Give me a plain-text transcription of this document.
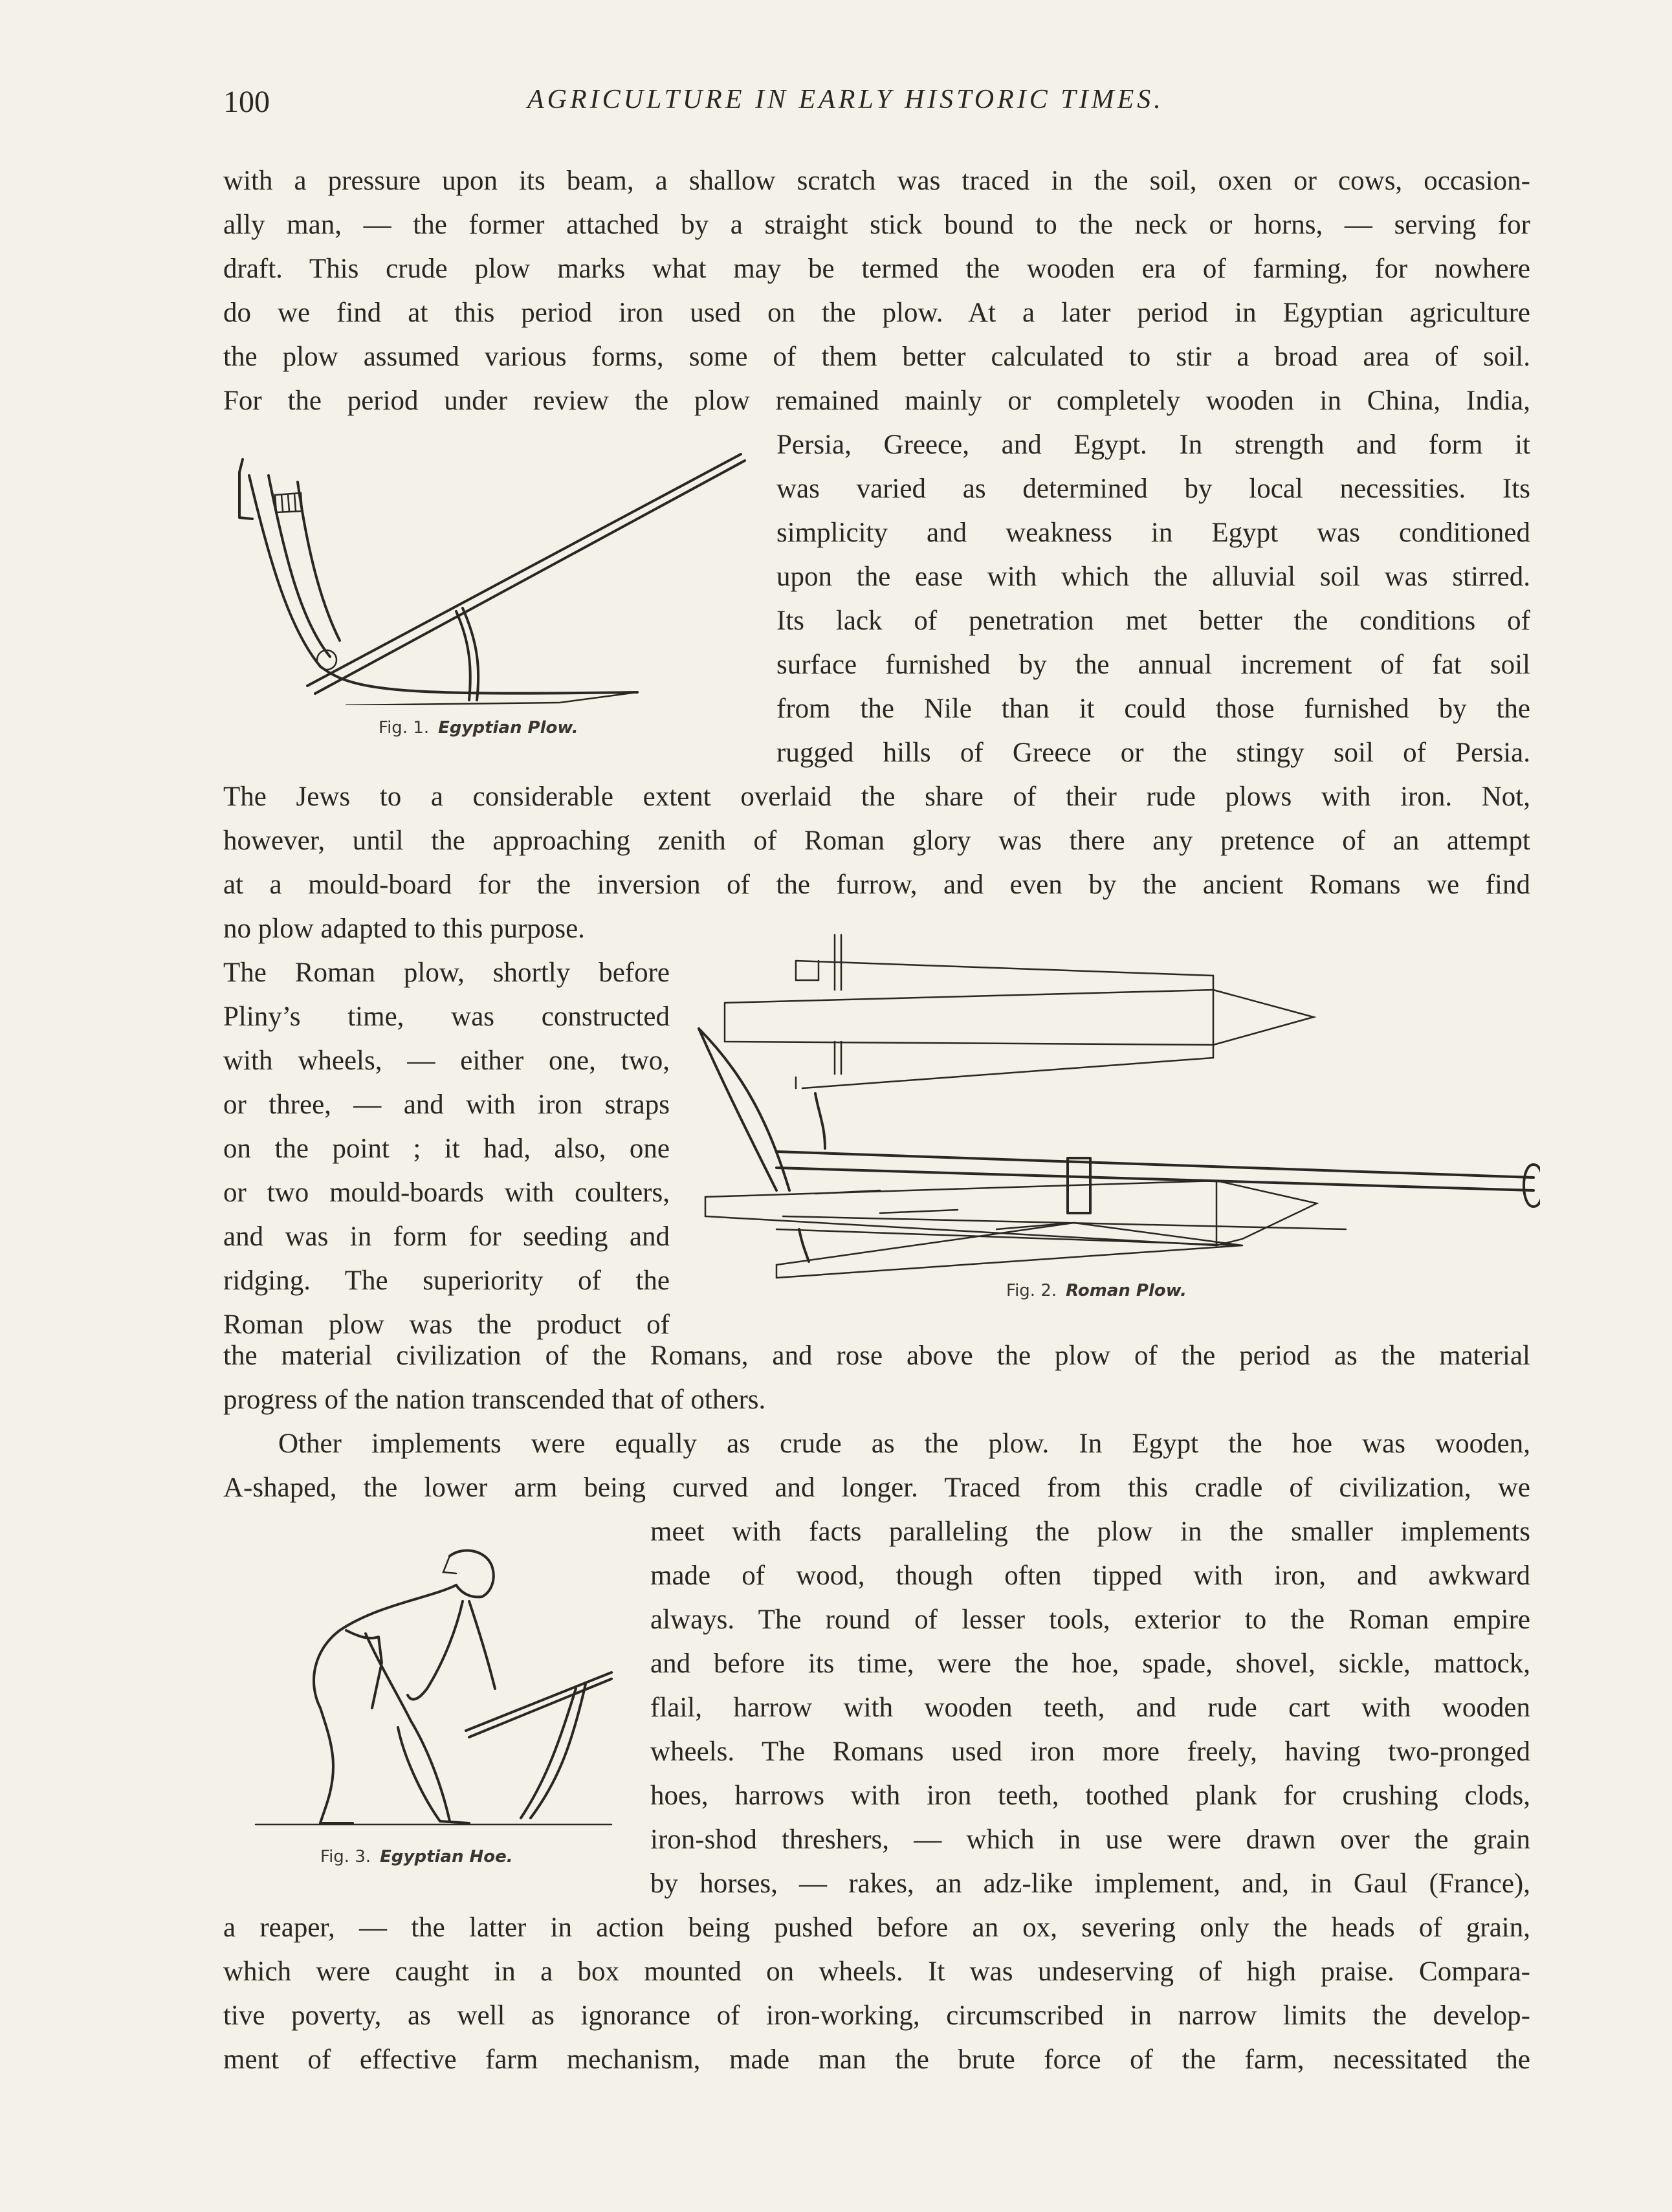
100	AGRICULTURE IN EARLY HISTORIC TIMES.
with a pressure upon its beam, a shallow scratch was traced in the soil, oxen or cows, occasion-
ally man, — the former attached by a straight stick bound to the neck or horns, — serving for
draft. This crude plow marks what may be termed the wooden era of farming, for nowhere
do we find at this period iron used on the plow. At a later period in Egyptian agriculture
the plow assumed various forms, some of them better calculated to stir a broad area of soil.
For the period under review the plow remained mainly or completely wooden in China, India,
Persia, Greece, and Egypt. In strength and form it
was varied as determined by local necessities. Its
simplicity and weakness in Egypt was conditioned
upon the ease with which the alluvial soil was stirred.
Its lack of penetration met better the conditions of
surface furnished by the annual increment of fat soil
from the Nile than it could those furnished by the
rugged hills of Greece or the stingy soil of Persia.
The Jews to a considerable extent overlaid the share of their rude plows with iron. Not,
however, until the approaching zenith of Roman glory was there any pretence of an attempt
at a mould-board for the inversion of the furrow, and even by the ancient Romans we find
no plow adapted to this purpose.
The Roman plow, shortly before
Pliny’s time, was constructed
with wheels, — either one, two,
or three, — and with iron straps
on the point ; it had, also, one
or two mould-boards with coulters,
and was in form for seeding and
ridging. The superiority of the
Roman plow was the product of
the material civilization of the Romans, and rose above the plow of the period as the material
progress of the nation transcended that of others.
Other implements were equally as crude as the plow. In Egypt the hoe was wooden,
A-shaped, the lower arm being curved and longer. Traced from this cradle of civilization, we
meet with facts paralleling the plow in the smaller implements
made of wood, though often tipped with iron, and awkward
always. The round of lesser tools, exterior to the Roman empire
and before its time, were the hoe, spade, shovel, sickle, mattock,
flail, harrow with wooden teeth, and rude cart with wooden
wheels. The Romans used iron more freely, having two-pronged
hoes, harrows with iron teeth, toothed plank for crushing clods,
iron-shod threshers, — which in use were drawn over the grain
by horses, — rakes, an adz-like implement, and, in Gaul (France),
a reaper, — the latter in action being pushed before an ox, severing only the heads of grain,
which were caught in a box mounted on wheels. It was undeserving of high praise. Compara-
tive poverty, as well as ignorance of iron-working, circumscribed in narrow limits the develop-
ment of effective farm mechanism, made man the brute force of the farm, necessitated the
Fig. 1. Egyptian Plow.
Fig. 2. Roman Plow.
Fig. 3. Egyptian Hoe.
